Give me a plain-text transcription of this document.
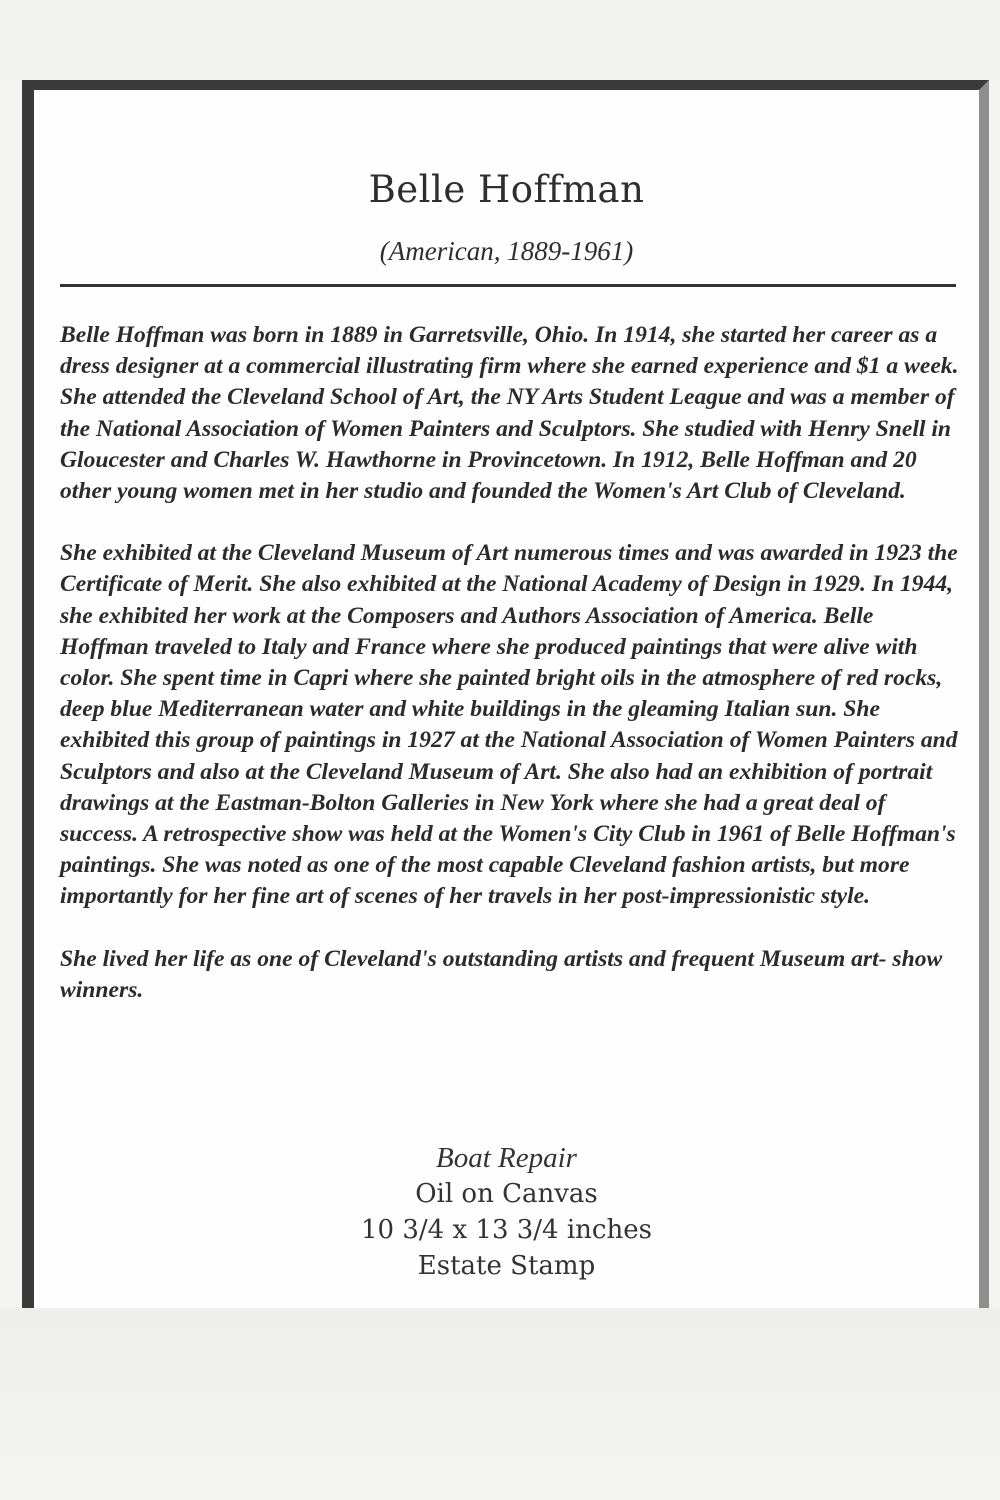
Belle Hoffman
(American, 1889-1961)

Belle Hoffman was born in 1889 in Garretsville, Ohio. In 1914, she started her career as a dress designer at a commercial illustrating firm where she earned experience and $1 a week. She attended the Cleveland School of Art, the NY Arts Student League and was a member of the National Association of Women Painters and Sculptors. She studied with Henry Snell in Gloucester and Charles W. Hawthorne in Provincetown. In 1912, Belle Hoffman and 20 other young women met in her studio and founded the Women's Art Club of Cleveland.

She exhibited at the Cleveland Museum of Art numerous times and was awarded in 1923 the Certificate of Merit. She also exhibited at the National Academy of Design in 1929. In 1944, she exhibited her work at the Composers and Authors Association of America. Belle Hoffman traveled to Italy and France where she produced paintings that were alive with color. She spent time in Capri where she painted bright oils in the atmosphere of red rocks, deep blue Mediterranean water and white buildings in the gleaming Italian sun. She exhibited this group of paintings in 1927 at the National Association of Women Painters and Sculptors and also at the Cleveland Museum of Art. She also had an exhibition of portrait drawings at the Eastman-Bolton Galleries in New York where she had a great deal of success. A retrospective show was held at the Women's City Club in 1961 of Belle Hoffman's paintings. She was noted as one of the most capable Cleveland fashion artists, but more importantly for her fine art of scenes of her travels in her post-impressionistic style.

She lived her life as one of Cleveland's outstanding artists and frequent Museum art- show winners.

Boat Repair
Oil on Canvas
10 3/4 x 13 3/4 inches
Estate Stamp
